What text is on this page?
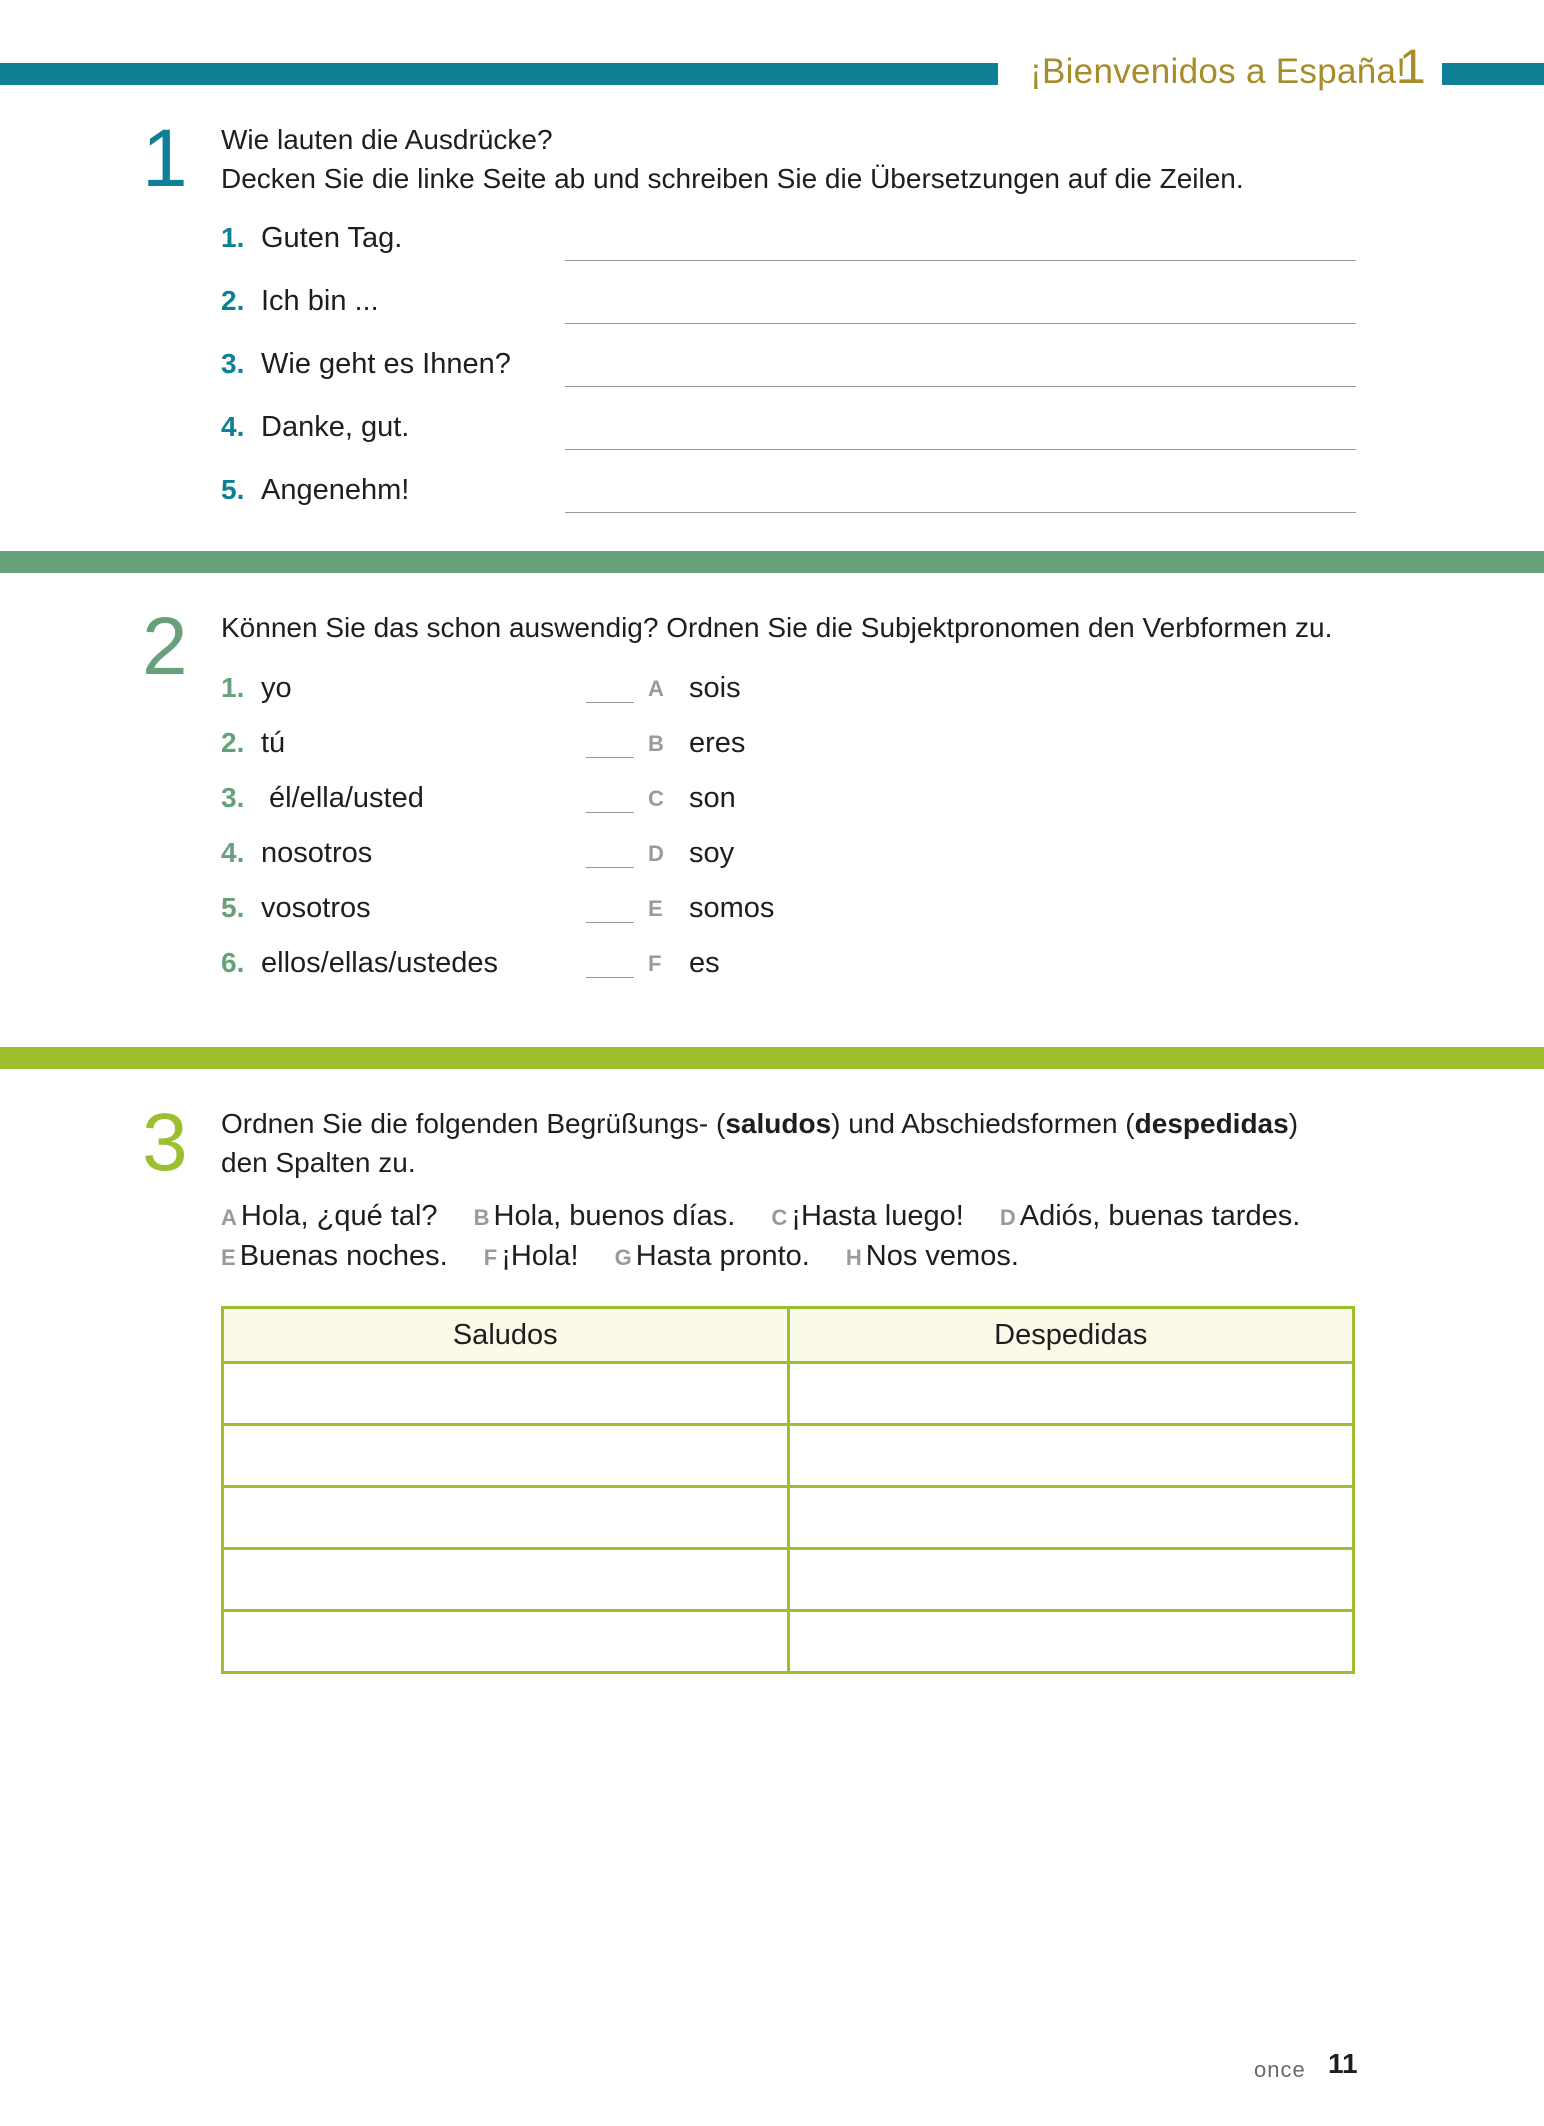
¡Bienvenidos a España!
1
1 Wie lauten die Ausdrücke?
Decken Sie die linke Seite ab und schreiben Sie die Übersetzungen auf die Zeilen.
1. Guten Tag.
2. Ich bin ...
3. Wie geht es Ihnen?
4. Danke, gut.
5. Angenehm!
2 Können Sie das schon auswendig? Ordnen Sie die Subjektpronomen den Verbformen zu.
1. yo	A sois
2. tú	B eres
3. él/ella/usted	C son
4. nosotros	D soy
5. vosotros	E somos
6. ellos/ellas/ustedes	F es
3 Ordnen Sie die folgenden Begrüßungs- (saludos) und Abschiedsformen (despedidas)
den Spalten zu.
A Hola, ¿qué tal? B Hola, buenos días. C ¡Hasta luego! D Adiós, buenas tardes.
E Buenas noches. F ¡Hola! G Hasta pronto. H Nos vemos.
Saludos	Despedidas

once 11
